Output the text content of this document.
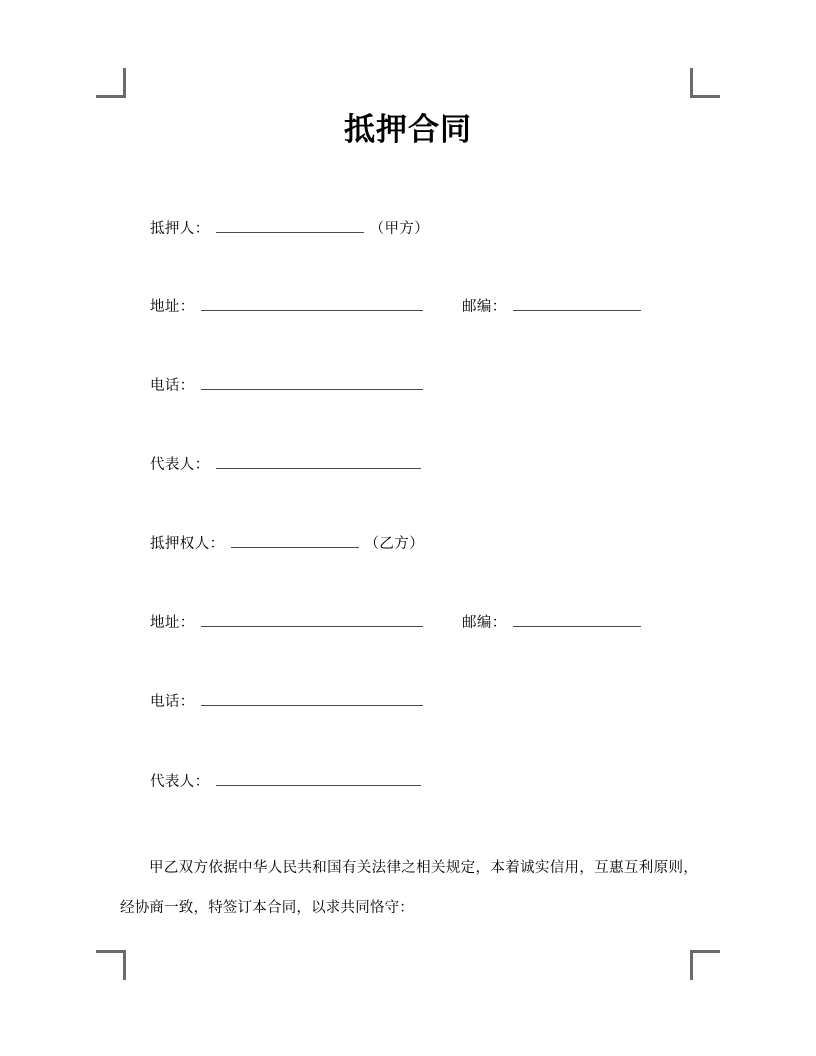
抵押合同
抵押人：	（甲方）
地址：	邮编：
电话：
代表人：
抵押权人：	（乙方）
地址：	邮编：
电话：
代表人：
甲乙双方依据中华人民共和国有关法律之相关规定，本着诚实信用，互惠互利原则，经协商一致，特签订本合同，以求共同恪守：
